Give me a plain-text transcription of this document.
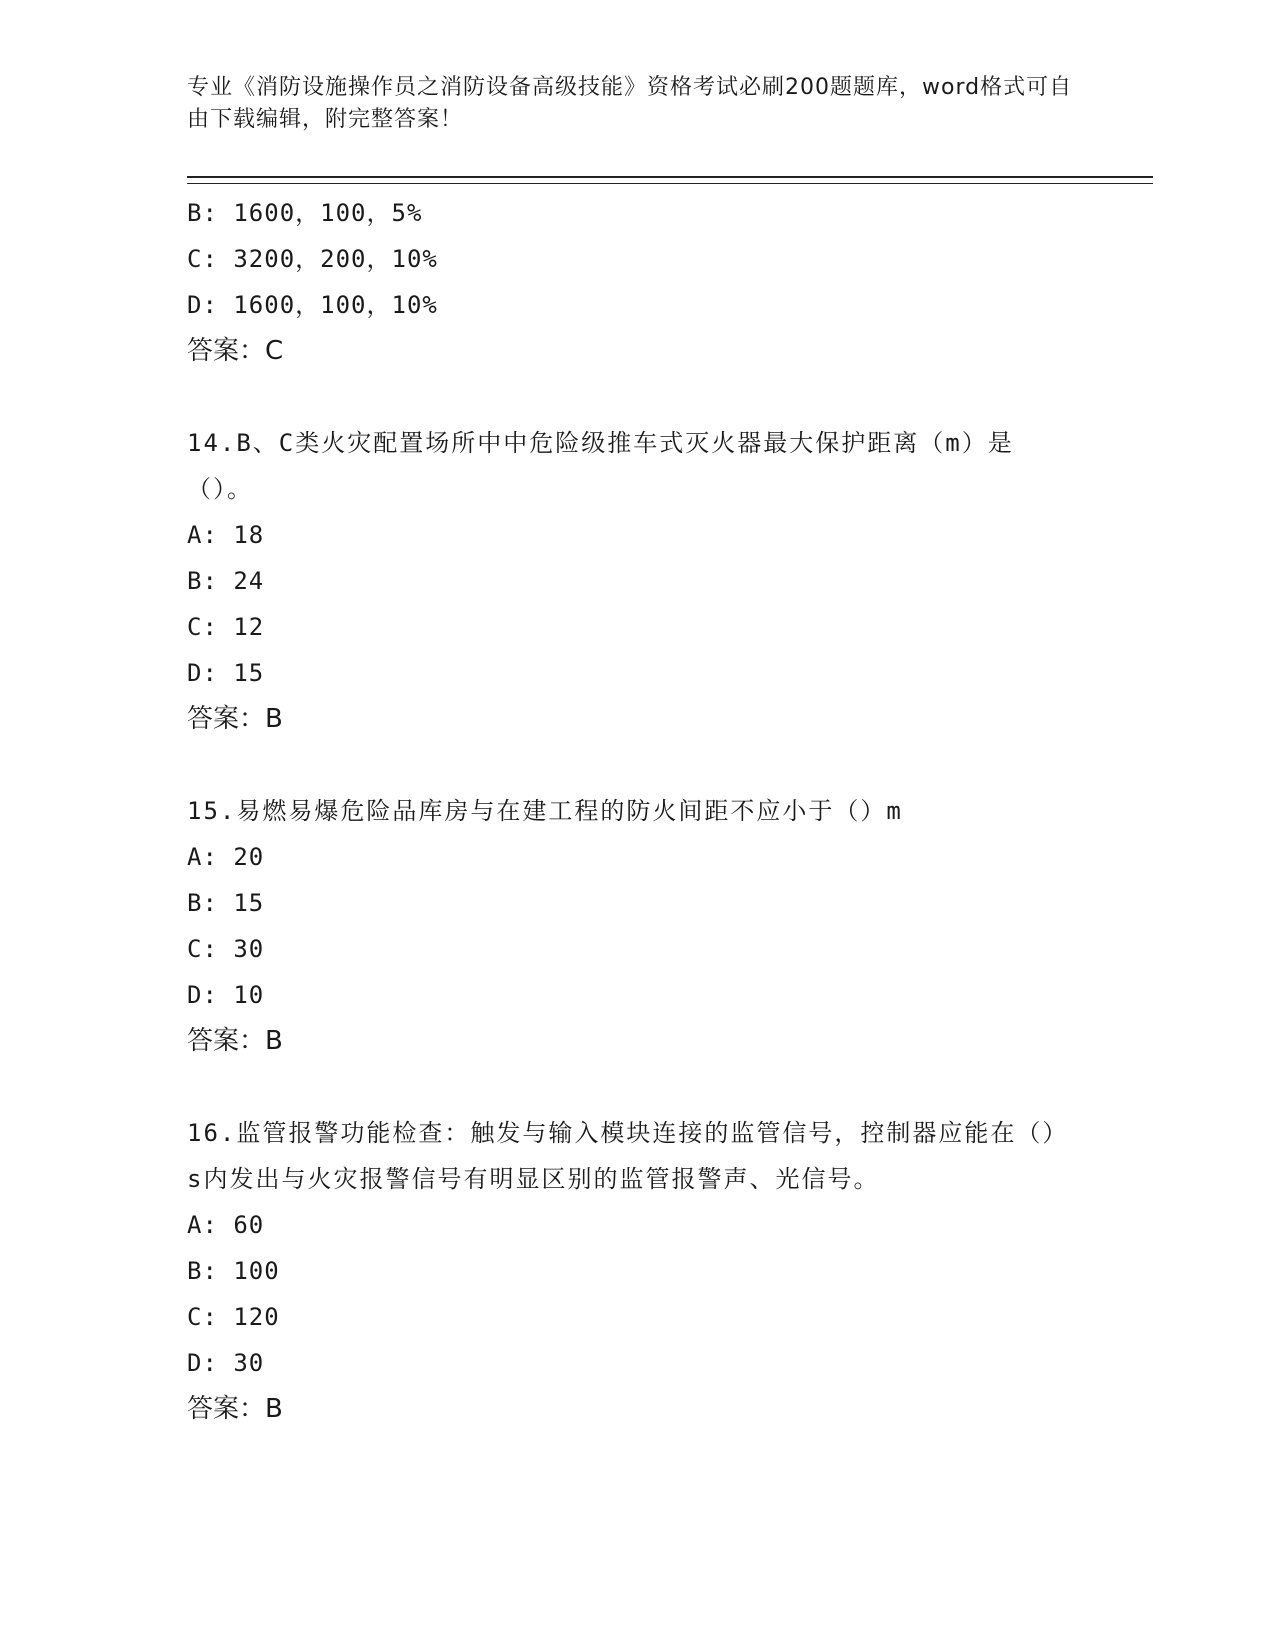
专业《消防设施操作员之消防设备高级技能》资格考试必刷200题题库，word格式可自由下载编辑，附完整答案！
B: 1600，100，5%
C: 3200，200，10%
D: 1600，100，10%
答案：C
14.B、C类火灾配置场所中中危险级推车式灭火器最大保护距离（m）是（）。
A: 18
B: 24
C: 12
D: 15
答案：B
15.易燃易爆危险品库房与在建工程的防火间距不应小于（）m
A: 20
B: 15
C: 30
D: 10
答案：B
16.监管报警功能检查：触发与输入模块连接的监管信号，控制器应能在（）s内发出与火灾报警信号有明显区别的监管报警声、光信号。
A: 60
B: 100
C: 120
D: 30
答案：B
